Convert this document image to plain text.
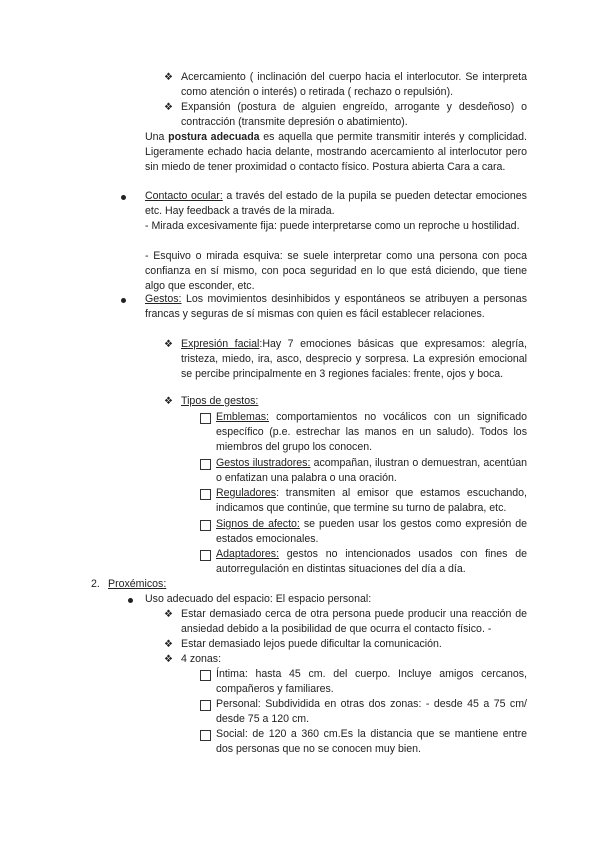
❖ Acercamiento ( inclinación del cuerpo hacia el interlocutor. Se interpreta como atención o interés) o retirada ( rechazo o repulsión).

❖ Expansión (postura de alguien engreído, arrogante y desdeñoso) o contracción (transmite depresión o abatimiento).

Una postura adecuada es aquella que permite transmitir interés y complicidad. Ligeramente echado hacia delante, mostrando acercamiento al interlocutor pero sin miedo de tener proximidad o contacto físico. Postura abierta Cara a cara.

Contacto ocular: a través del estado de la pupila se pueden detectar emociones etc. Hay feedback a través de la mirada.

- Mirada excesivamente fija: puede interpretarse como un reproche u hostilidad.

- Esquivo o mirada esquiva: se suele interpretar como una persona con poca confianza en sí mismo, con poca seguridad en lo que está diciendo, que tiene algo que esconder, etc.

Gestos: Los movimientos desinhibidos y espontáneos se atribuyen a personas francas y seguras de sí mismas con quien es fácil establecer relaciones.

❖ Expresión facial:Hay 7 emociones básicas que expresamos: alegría, tristeza, miedo, ira, asco, desprecio y sorpresa. La expresión emocional se percibe principalmente en 3 regiones faciales: frente, ojos y boca.

❖ Tipos de gestos:

Emblemas: comportamientos no vocálicos con un significado específico (p.e. estrechar las manos en un saludo). Todos los miembros del grupo los conocen.

Gestos ilustradores: acompañan, ilustran o demuestran, acentúan o enfatizan una palabra o una oración.

Reguladores: transmiten al emisor que estamos escuchando, indicamos que continúe, que termine su turno de palabra, etc.

Signos de afecto: se pueden usar los gestos como expresión de estados emocionales.

Adaptadores: gestos no intencionados usados con fines de autorregulación en distintas situaciones del día a día.

2. Proxémicos:

Uso adecuado del espacio: El espacio personal:

❖ Estar demasiado cerca de otra persona puede producir una reacción de ansiedad debido a la posibilidad de que ocurra el contacto físico. -

❖ Estar demasiado lejos puede dificultar la comunicación.

❖ 4 zonas:

Íntima: hasta 45 cm. del cuerpo. Incluye amigos cercanos, compañeros y familiares.

Personal: Subdividida en otras dos zonas: - desde 45 a 75 cm/ desde 75 a 120 cm.

Social: de 120 a 360 cm.Es la distancia que se mantiene entre dos personas que no se conocen muy bien.
